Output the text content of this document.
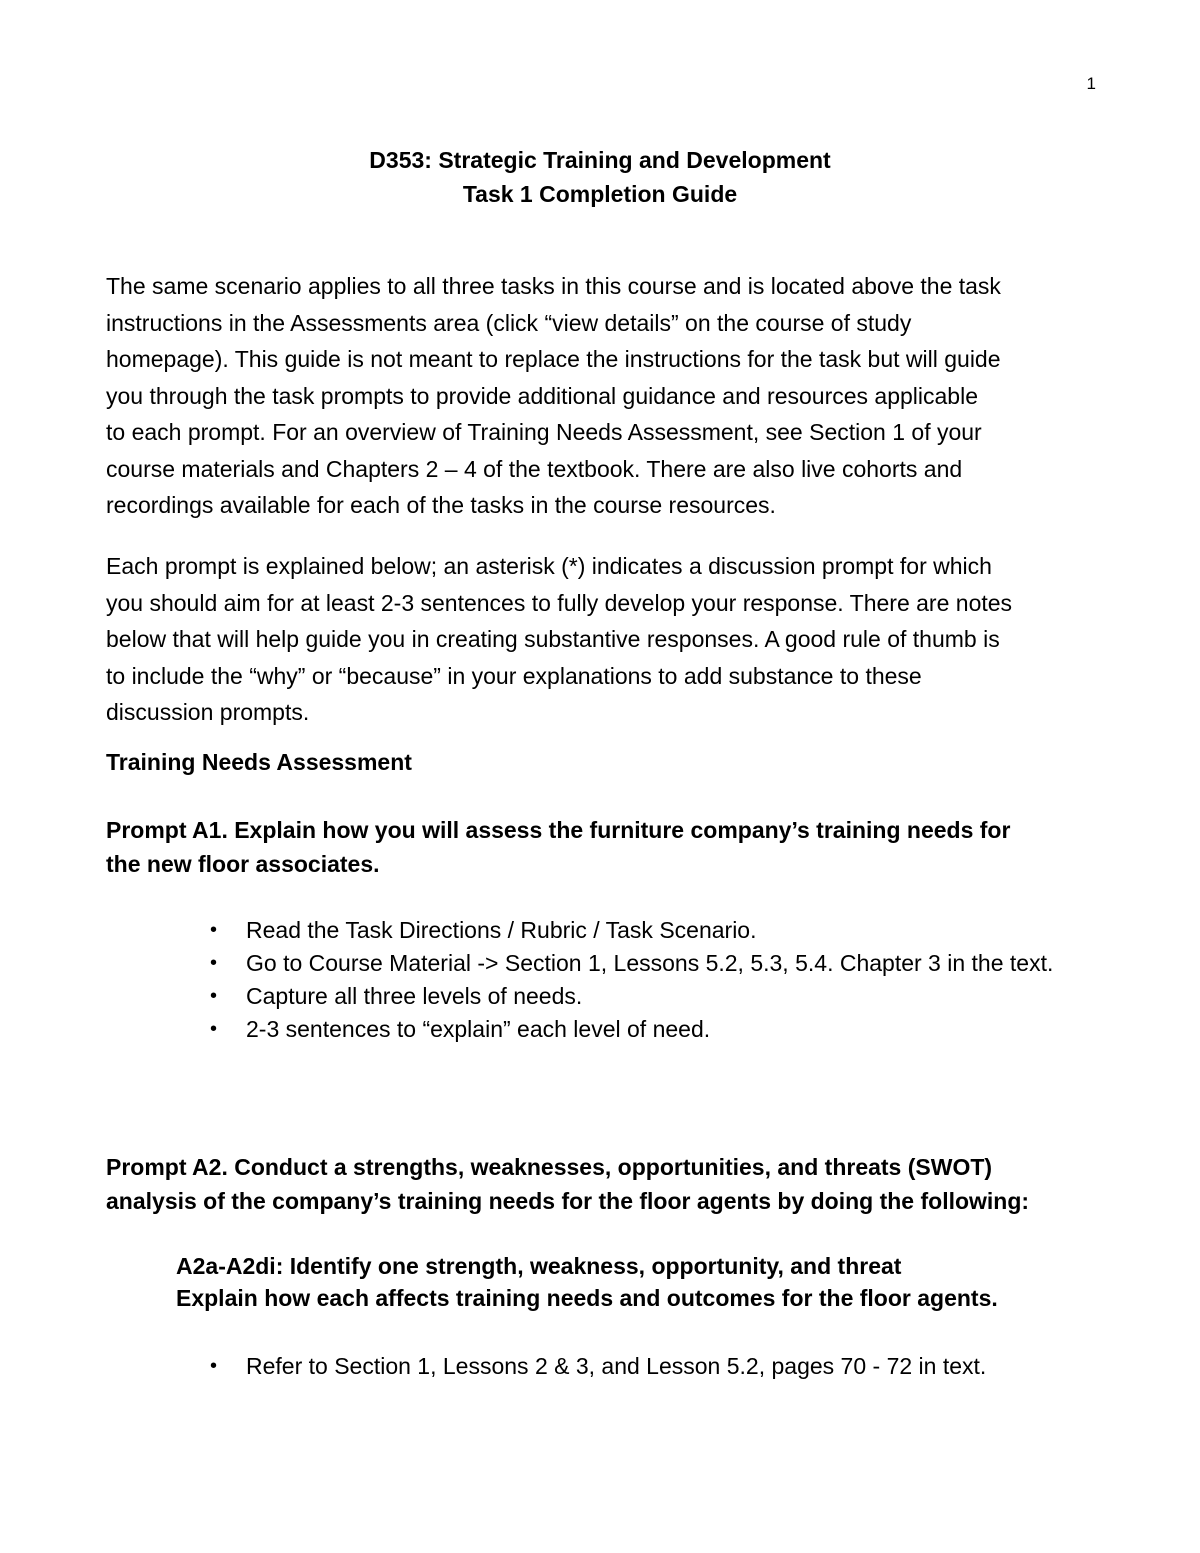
1
D353: Strategic Training and Development
Task 1 Completion Guide
The same scenario applies to all three tasks in this course and is located above the task
instructions in the Assessments area (click “view details” on the course of study
homepage). This guide is not meant to replace the instructions for the task but will guide
you through the task prompts to provide additional guidance and resources applicable
to each prompt. For an overview of Training Needs Assessment, see Section 1 of your
course materials and Chapters 2 – 4 of the textbook. There are also live cohorts and
recordings available for each of the tasks in the course resources.
Each prompt is explained below; an asterisk (*) indicates a discussion prompt for which
you should aim for at least 2-3 sentences to fully develop your response. There are notes
below that will help guide you in creating substantive responses. A good rule of thumb is
to include the “why” or “because” in your explanations to add substance to these
discussion prompts.
Training Needs Assessment
Prompt A1. Explain how you will assess the furniture company’s training needs for
the new floor associates.
• Read the Task Directions / Rubric / Task Scenario.
• Go to Course Material -> Section 1, Lessons 5.2, 5.3, 5.4. Chapter 3 in the text.
• Capture all three levels of needs.
• 2-3 sentences to “explain” each level of need.
Prompt A2. Conduct a strengths, weaknesses, opportunities, and threats (SWOT)
analysis of the company’s training needs for the floor agents by doing the following:
A2a-A2di: Identify one strength, weakness, opportunity, and threat
Explain how each affects training needs and outcomes for the floor agents.
• Refer to Section 1, Lessons 2 & 3, and Lesson 5.2, pages 70 - 72 in text.
